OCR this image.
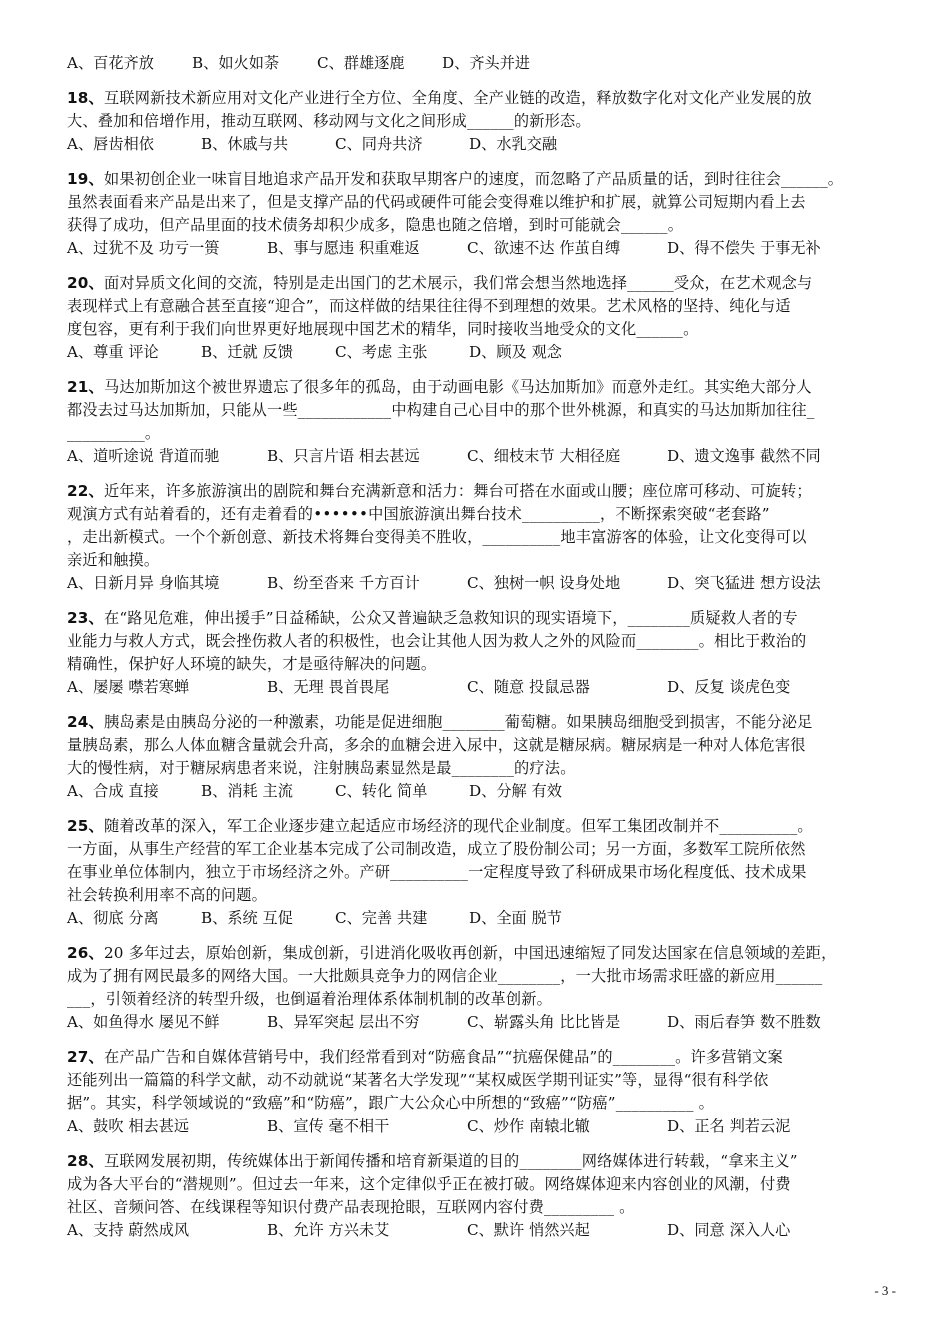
A、百花齐放	B、如火如荼	C、群雄逐鹿	D、齐头并进
18、互联网新技术新应用对文化产业进行全方位、全角度、全产业链的改造，释放数字化对文化产业发展的放
大、叠加和倍增作用，推动互联网、移动网与文化之间形成______的新形态。
A、唇齿相依	B、休戚与共	C、同舟共济	D、水乳交融
19、如果初创企业一味盲目地追求产品开发和获取早期客户的速度，而忽略了产品质量的话，到时往往会______。
虽然表面看来产品是出来了，但是支撑产品的代码或硬件可能会变得难以维护和扩展，就算公司短期内看上去
获得了成功，但产品里面的技术债务却积少成多，隐患也随之倍增，到时可能就会______。
A、过犹不及 功亏一篑	B、事与愿违 积重难返	C、欲速不达 作茧自缚	D、得不偿失 于事无补
20、面对异质文化间的交流，特别是走出国门的艺术展示，我们常会想当然地选择______受众，在艺术观念与
表现样式上有意融合甚至直接“迎合”，而这样做的结果往往得不到理想的效果。艺术风格的坚持、纯化与适
度包容，更有利于我们向世界更好地展现中国艺术的精华，同时接收当地受众的文化______。
A、尊重 评论	B、迁就 反馈	C、考虑 主张	D、顾及 观念
21、马达加斯加这个被世界遗忘了很多年的孤岛，由于动画电影《马达加斯加》而意外走红。其实绝大部分人
都没去过马达加斯加，只能从一些____________中构建自己心目中的那个世外桃源，和真实的马达加斯加往往_
__________。
A、道听途说 背道而驰	B、只言片语 相去甚远	C、细枝末节 大相径庭	D、遗文逸事 截然不同
22、近年来，许多旅游演出的剧院和舞台充满新意和活力：舞台可搭在水面或山腰；座位席可移动、可旋转；
观演方式有站着看的，还有走着看的••••••中国旅游演出舞台技术__________，不断探索突破“老套路”
，走出新模式。一个个新创意、新技术将舞台变得美不胜收，__________地丰富游客的体验，让文化变得可以
亲近和触摸。
A、日新月异 身临其境	B、纷至沓来 千方百计	C、独树一帜 设身处地	D、突飞猛进 想方设法
23、在“路见危难，伸出援手”日益稀缺，公众又普遍缺乏急救知识的现实语境下，________质疑救人者的专
业能力与救人方式，既会挫伤救人者的积极性，也会让其他人因为救人之外的风险而________。相比于救治的
精确性，保护好人环境的缺失，才是亟待解决的问题。
A、屡屡 噤若寒蝉	B、无理 畏首畏尾	C、随意 投鼠忌器	D、反复 谈虎色变
24、胰岛素是由胰岛分泌的一种激素，功能是促进细胞________葡萄糖。如果胰岛细胞受到损害，不能分泌足
量胰岛素，那么人体血糖含量就会升高，多余的血糖会进入尿中，这就是糖尿病。糖尿病是一种对人体危害很
大的慢性病，对于糖尿病患者来说，注射胰岛素显然是最________的疗法。
A、合成 直接	B、消耗 主流	C、转化 简单	D、分解 有效
25、随着改革的深入，军工企业逐步建立起适应市场经济的现代企业制度。但军工集团改制并不__________。
一方面，从事生产经营的军工企业基本完成了公司制改造，成立了股份制公司；另一方面，多数军工院所依然
在事业单位体制内，独立于市场经济之外。产研__________一定程度导致了科研成果市场化程度低、技术成果
社会转换利用率不高的问题。
A、彻底 分离	B、系统 互促	C、完善 共建	D、全面 脱节
26、20 多年过去，原始创新，集成创新，引进消化吸收再创新，中国迅速缩短了同发达国家在信息领域的差距，
成为了拥有网民最多的网络大国。一大批颇具竞争力的网信企业________，一大批市场需求旺盛的新应用______
___，引领着经济的转型升级，也倒逼着治理体系体制机制的改革创新。
A、如鱼得水 屡见不鲜	B、异军突起 层出不穷	C、崭露头角 比比皆是	D、雨后春笋 数不胜数
27、在产品广告和自媒体营销号中，我们经常看到对“防癌食品”“抗癌保健品”的________。许多营销文案
还能列出一篇篇的科学文献，动不动就说“某著名大学发现”“某权威医学期刊证实”等，显得“很有科学依
据”。其实，科学领域说的“致癌”和“防癌”，跟广大公众心中所想的“致癌”“防癌”__________ 。
A、鼓吹 相去甚远	B、宣传 毫不相干	C、炒作 南辕北辙	D、正名 判若云泥
28、互联网发展初期，传统媒体出于新闻传播和培育新渠道的目的________网络媒体进行转载，“拿来主义”
成为各大平台的“潜规则”。但过去一年来，这个定律似乎正在被打破。网络媒体迎来内容创业的风潮，付费
社区、音频问答、在线课程等知识付费产品表现抢眼，互联网内容付费_________ 。
A、支持 蔚然成风	B、允许 方兴未艾	C、默许 悄然兴起	D、同意 深入人心
- 3 -
